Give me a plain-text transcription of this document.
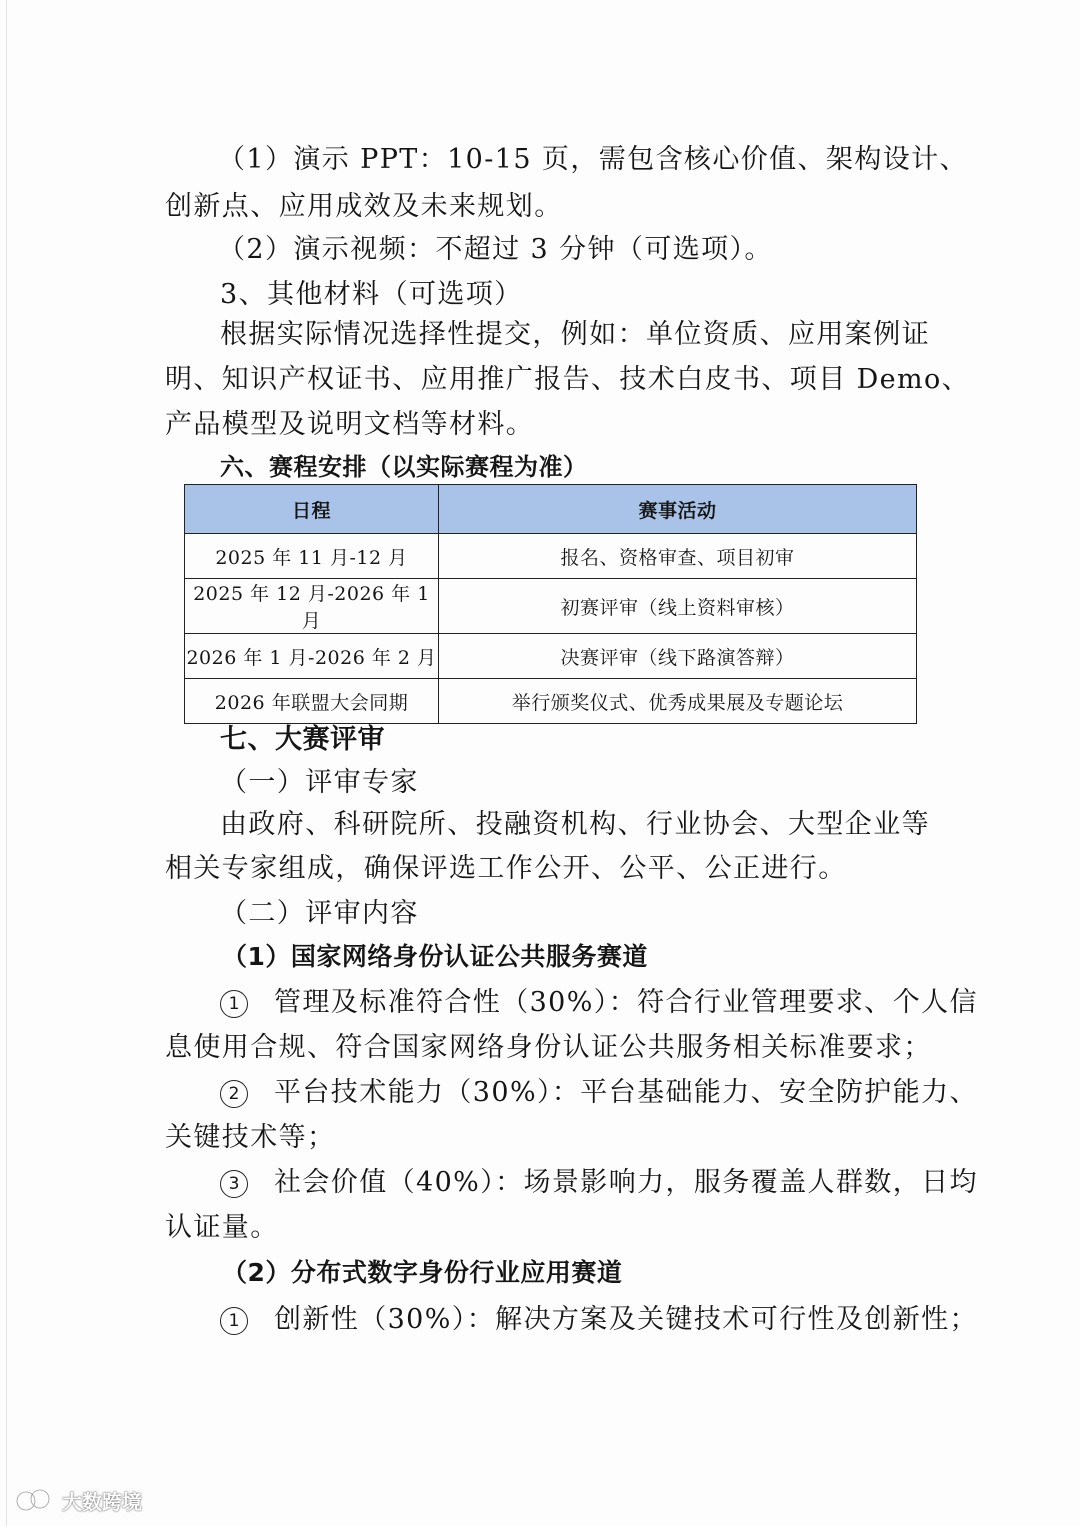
（1）演示 PPT：10-15 页，需包含核心价值、架构设计、
创新点、应用成效及未来规划。
（2）演示视频：不超过 3 分钟（可选项）。
3、其他材料（可选项）
根据实际情况选择性提交，例如：单位资质、应用案例证
明、知识产权证书、应用推广报告、技术白皮书、项目 Demo、
产品模型及说明文档等材料。
六、赛程安排（以实际赛程为准）
日程	赛事活动
2025 年 11 月-12 月	报名、资格审查、项目初审
2025 年 12 月-2026 年 1 月	初赛评审（线上资料审核）
2026 年 1 月-2026 年 2 月	决赛评审（线下路演答辩）
2026 年联盟大会同期	举行颁奖仪式、优秀成果展及专题论坛
七、大赛评审
（一）评审专家
由政府、科研院所、投融资机构、行业协会、大型企业等
相关专家组成，确保评选工作公开、公平、公正进行。
（二）评审内容
（1）国家网络身份认证公共服务赛道
1 管理及标准符合性（30%）：符合行业管理要求、个人信
息使用合规、符合国家网络身份认证公共服务相关标准要求；
2 平台技术能力（30%）：平台基础能力、安全防护能力、
关键技术等；
3 社会价值（40%）：场景影响力，服务覆盖人群数，日均
认证量。
（2）分布式数字身份行业应用赛道
1 创新性（30%）：解决方案及关键技术可行性及创新性；
大数跨境
